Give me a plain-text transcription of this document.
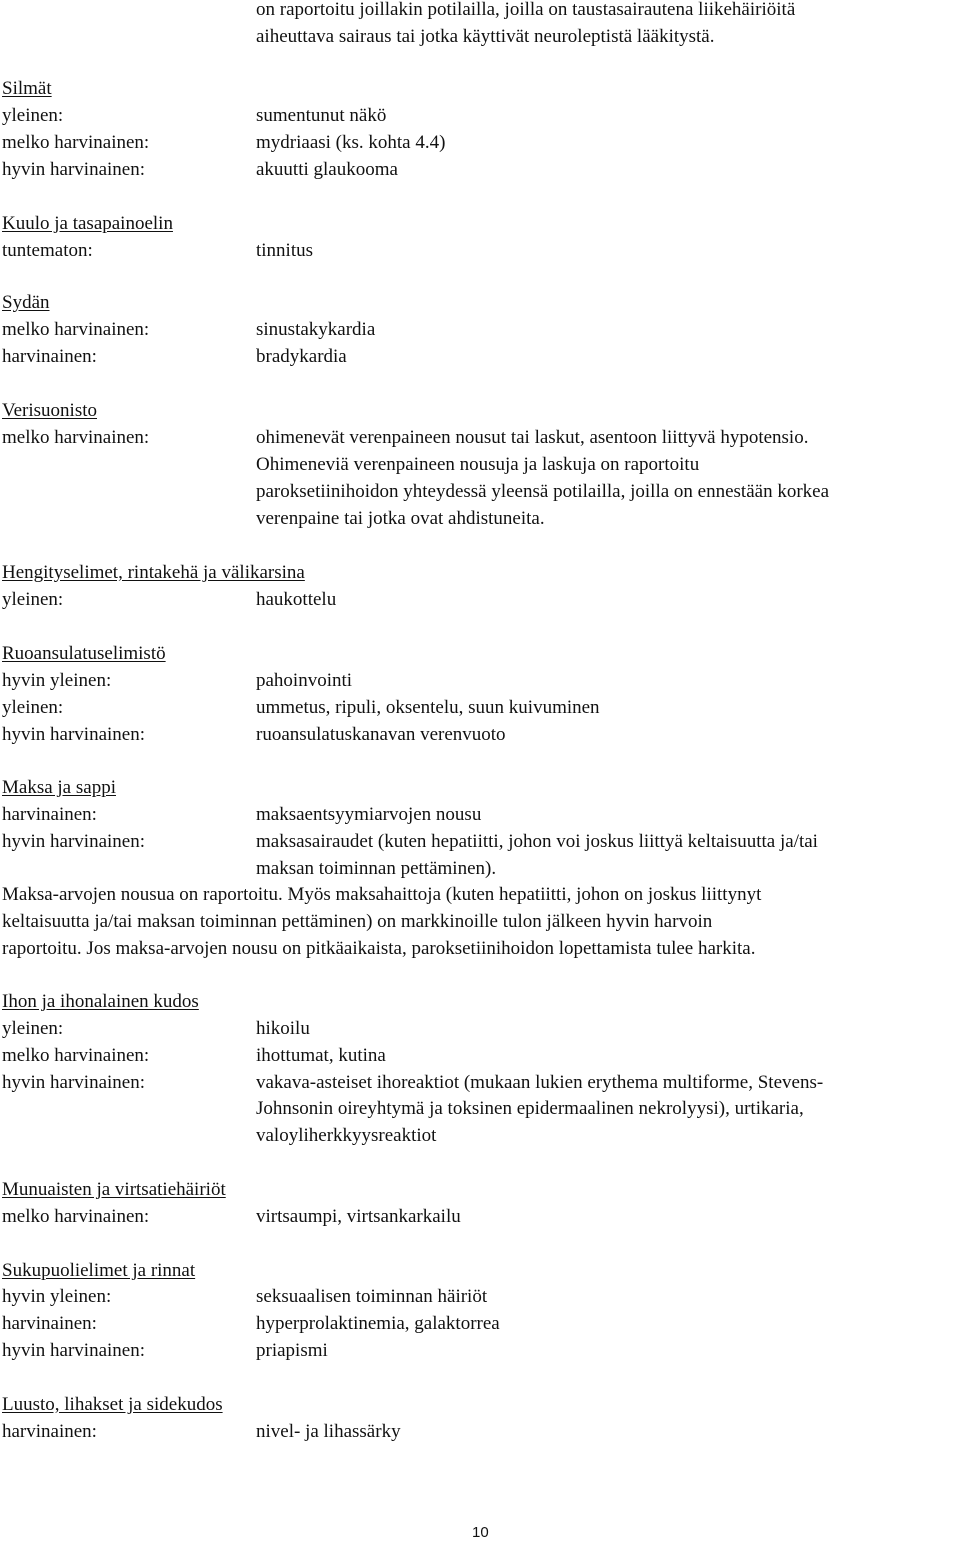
on raportoitu joillakin potilailla, joilla on taustasairautena liikehäiriöitä
aiheuttava sairaus tai jotka käyttivät neuroleptistä lääkitystä.
Silmät
yleinen:	sumentunut näkö
melko harvinainen:	mydriaasi (ks. kohta 4.4)
hyvin harvinainen:	akuutti glaukooma
Kuulo ja tasapainoelin
tuntematon:	tinnitus
Sydän
melko harvinainen:	sinustakykardia
harvinainen:	bradykardia
Verisuonisto
melko harvinainen:	ohimenevät verenpaineen nousut tai laskut, asentoon liittyvä hypotensio.
Ohimeneviä verenpaineen nousuja ja laskuja on raportoitu
paroksetiinihoidon yhteydessä yleensä potilailla, joilla on ennestään korkea
verenpaine tai jotka ovat ahdistuneita.
Hengityselimet, rintakehä ja välikarsina
yleinen:	haukottelu
Ruoansulatuselimistö
hyvin yleinen:	pahoinvointi
yleinen:	ummetus, ripuli, oksentelu, suun kuivuminen
hyvin harvinainen:	ruoansulatuskanavan verenvuoto
Maksa ja sappi
harvinainen:	maksaentsyymiarvojen nousu
hyvin harvinainen:	maksasairaudet (kuten hepatiitti, johon voi joskus liittyä keltaisuutta ja/tai
maksan toiminnan pettäminen).
Maksa-arvojen nousua on raportoitu. Myös maksahaittoja (kuten hepatiitti, johon on joskus liittynyt
keltaisuutta ja/tai maksan toiminnan pettäminen) on markkinoille tulon jälkeen hyvin harvoin
raportoitu. Jos maksa-arvojen nousu on pitkäaikaista, paroksetiinihoidon lopettamista tulee harkita.
Ihon ja ihonalainen kudos
yleinen:	hikoilu
melko harvinainen:	ihottumat, kutina
hyvin harvinainen:	vakava-asteiset ihoreaktiot (mukaan lukien erythema multiforme, Stevens-
Johnsonin oireyhtymä ja toksinen epidermaalinen nekrolyysi), urtikaria,
valoyliherkkyysreaktiot
Munuaisten ja virtsatiehäiriöt
melko harvinainen:	virtsaumpi, virtsankarkailu
Sukupuolielimet ja rinnat
hyvin yleinen:	seksuaalisen toiminnan häiriöt
harvinainen:	hyperprolaktinemia, galaktorrea
hyvin harvinainen:	priapismi
Luusto, lihakset ja sidekudos
harvinainen:	nivel- ja lihassärky
10
